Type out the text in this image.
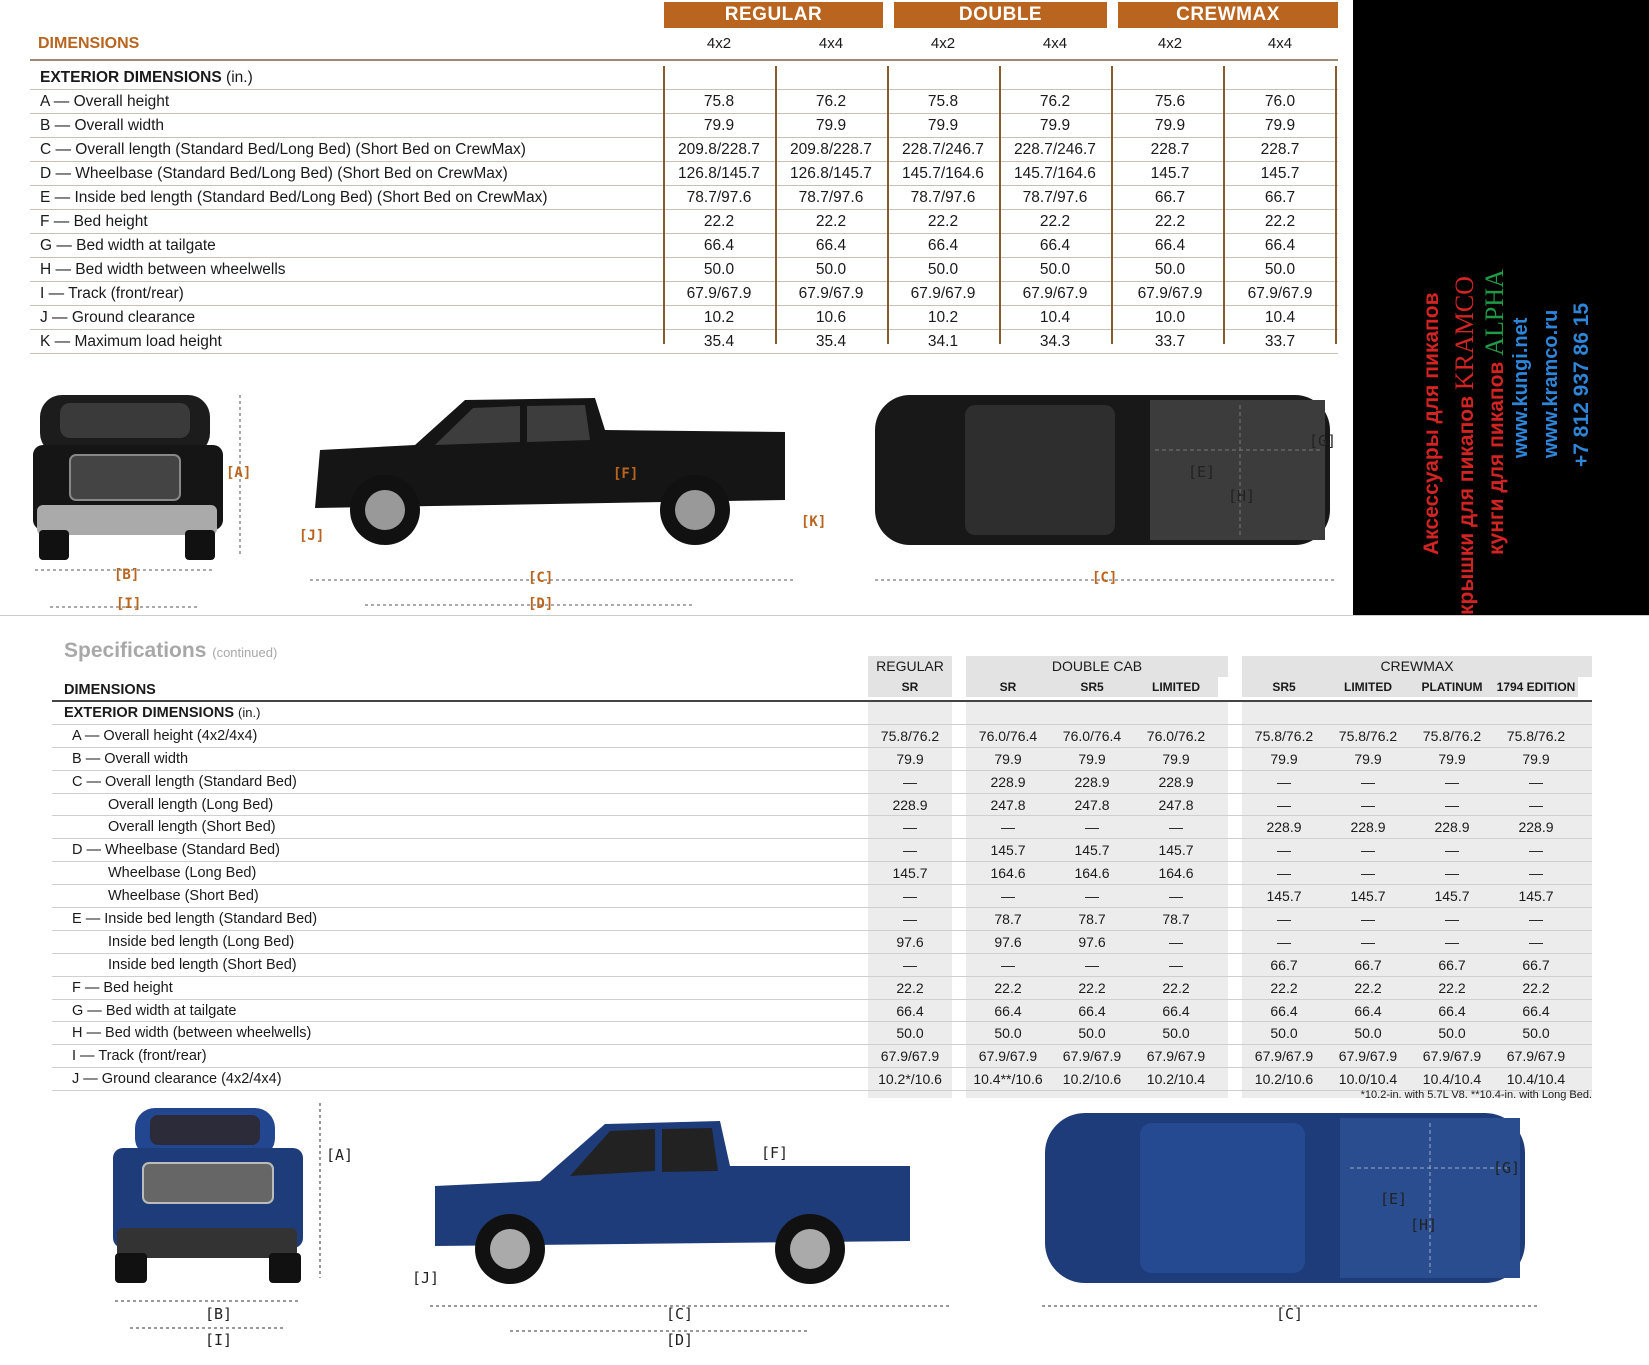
REGULAR	DOUBLE	CREWMAX
DIMENSIONS	4x2	4x4	4x2	4x4	4x2	4x4
EXTERIOR DIMENSIONS (in.)
A — Overall height	75.8	76.2	75.8	76.2	75.6	76.0
B — Overall width	79.9	79.9	79.9	79.9	79.9	79.9
C — Overall length (Standard Bed/Long Bed) (Short Bed on CrewMax)	209.8/228.7	209.8/228.7	228.7/246.7	228.7/246.7	228.7	228.7
D — Wheelbase (Standard Bed/Long Bed) (Short Bed on CrewMax)	126.8/145.7	126.8/145.7	145.7/164.6	145.7/164.6	145.7	145.7
E — Inside bed length (Standard Bed/Long Bed) (Short Bed on CrewMax)	78.7/97.6	78.7/97.6	78.7/97.6	78.7/97.6	66.7	66.7
F — Bed height	22.2	22.2	22.2	22.2	22.2	22.2
G — Bed width at tailgate	66.4	66.4	66.4	66.4	66.4	66.4
H — Bed width between wheelwells	50.0	50.0	50.0	50.0	50.0	50.0
I — Track (front/rear)	67.9/67.9	67.9/67.9	67.9/67.9	67.9/67.9	67.9/67.9	67.9/67.9
J — Ground clearance	10.2	10.6	10.2	10.4	10.0	10.4
K — Maximum load height	35.4	35.4	34.1	34.3	33.7	33.7
[A]
[B]
[I]
[F]
[J]
[K]
[C]
[D]
[G]
[E]
[H]
[C]
Аксессуары для пикапов крышки для пикапов KRAMCO
кунги для пикапов ALPHA
www.kungi.net www.kramco.ru +7 812 937 86 15
Specifications (continued)
REGULAR	DOUBLE CAB	CREWMAX
DIMENSIONS
EXTERIOR DIMENSIONS (in.)
A — Overall height (4x2/4x4)	75.8/76.2	76.0/76.4	76.0/76.4	76.0/76.2	75.8/76.2	75.8/76.2	75.8/76.2	75.8/76.2
B — Overall width	79.9	79.9	79.9	79.9	79.9	79.9	79.9	79.9
C — Overall length (Standard Bed)	—	228.9	228.9	228.9	—	—	—	—
Overall length (Long Bed)	228.9	247.8	247.8	247.8	—	—	—	—
Overall length (Short Bed)	—	—	—	—	228.9	228.9	228.9	228.9
D — Wheelbase (Standard Bed)	—	145.7	145.7	145.7	—	—	—	—
Wheelbase (Long Bed)	145.7	164.6	164.6	164.6	—	—	—	—
Wheelbase (Short Bed)	—	—	—	—	145.7	145.7	145.7	145.7
E — Inside bed length (Standard Bed)	—	78.7	78.7	78.7	—	—	—	—
Inside bed length (Long Bed)	97.6	97.6	97.6	—	—	—	—	—
Inside bed length (Short Bed)	—	—	—	—	66.7	66.7	66.7	66.7
F — Bed height	22.2	22.2	22.2	22.2	22.2	22.2	22.2	22.2
G — Bed width at tailgate	66.4	66.4	66.4	66.4	66.4	66.4	66.4	66.4
H — Bed width (between wheelwells)	50.0	50.0	50.0	50.0	50.0	50.0	50.0	50.0
I — Track (front/rear)	67.9/67.9	67.9/67.9	67.9/67.9	67.9/67.9	67.9/67.9	67.9/67.9	67.9/67.9	67.9/67.9
J — Ground clearance (4x2/4x4)	10.2*/10.6	10.4**/10.6	10.2/10.6	10.2/10.4	10.2/10.6	10.0/10.4	10.4/10.4	10.4/10.4
*10.2-in. with 5.7L V8. **10.4-in. with Long Bed.
[A]
[B]
[I]
[F]
[J]
[C]
[D]
[G]
[E]
[H]
[C]
SR	SR	SR5	LIMITED	SR5	LIMITED	PLATINUM	1794 EDITION
